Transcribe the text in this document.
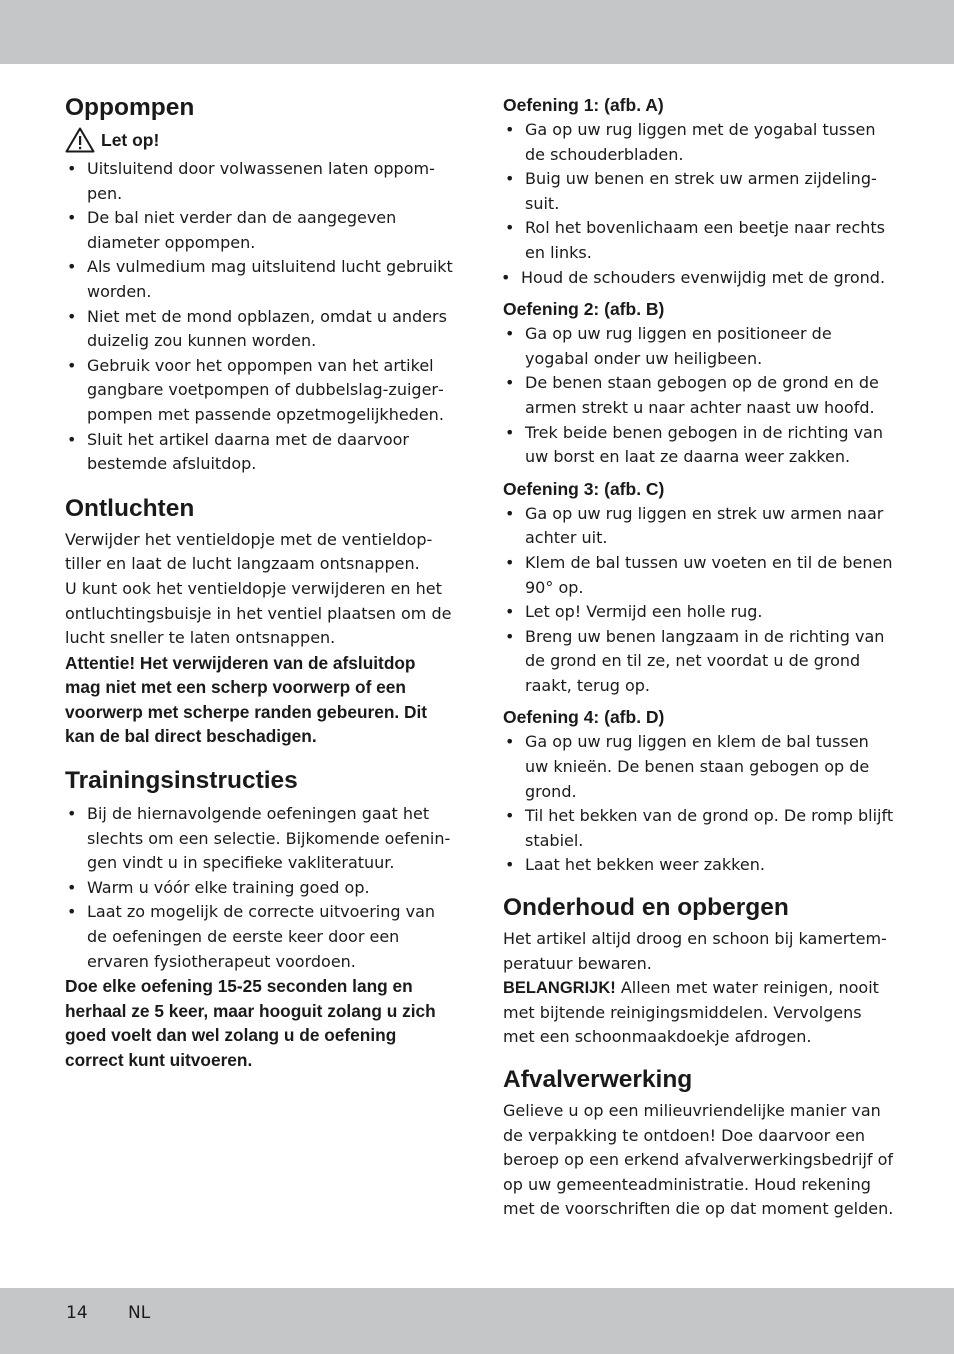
Oppompen
Let op!
• Uitsluitend door volwassenen laten oppompen.
• De bal niet verder dan de aangegeven diameter oppompen.
• Als vulmedium mag uitsluitend lucht gebruikt worden.
• Niet met de mond opblazen, omdat u anders duizelig zou kunnen worden.
• Gebruik voor het oppompen van het artikel gangbare voetpompen of dubbelslag-zuigerpompen met passende opzetmogelijkheden.
• Sluit het artikel daarna met de daarvoor bestemde afsluitdop.
Ontluchten

Verwijder het ventieldopje met de ventieldoptiller en laat de lucht langzaam ontsnappen.

U kunt ook het ventieldopje verwijderen en het ontluchtingsbuisje in het ventiel plaatsen om de lucht sneller te laten ontsnappen.

Attentie! Het verwijderen van de afsluitdop mag niet met een scherp voorwerp of een voorwerp met scherpe randen gebeuren. Dit kan de bal direct beschadigen.

Trainingsinstructies
• Bij de hiernavolgende oefeningen gaat het slechts om een selectie. Bijkomende oefeningen vindt u in specifieke vakliteratuur.
• Warm u vóór elke training goed op.
• Laat zo mogelijk de correcte uitvoering van de oefeningen de eerste keer door een ervaren fysiotherapeut voordoen.

Doe elke oefening 15-25 seconden lang en herhaal ze 5 keer, maar hooguit zolang u zich goed voelt dan wel zolang u de oefening correct kunt uitvoeren.

Oefening 1: (afb. A)
• Ga op uw rug liggen met de yogabal tussen de schouderbladen.
• Buig uw benen en strek uw armen zijdelingsuit.
• Rol het bovenlichaam een beetje naar rechts en links.
• Houd de schouders evenwijdig met de grond.
Oefening 2: (afb. B)
• Ga op uw rug liggen en positioneer de yogabal onder uw heiligbeen.
• De benen staan gebogen op de grond en de armen strekt u naar achter naast uw hoofd.
• Trek beide benen gebogen in de richting van uw borst en laat ze daarna weer zakken.
Oefening 3: (afb. C)
• Ga op uw rug liggen en strek uw armen naar achter uit.
• Klem de bal tussen uw voeten en til de benen 90° op.
• Let op! Vermijd een holle rug.
• Breng uw benen langzaam in de richting van de grond en til ze, net voordat u de grond raakt, terug op.
Oefening 4: (afb. D)
• Ga op uw rug liggen en klem de bal tussen uw knieën. De benen staan gebogen op de grond.
• Til het bekken van de grond op. De romp blijft stabiel.
• Laat het bekken weer zakken.
Onderhoud en opbergen

Het artikel altijd droog en schoon bij kamertemperatuur bewaren.

BELANGRIJK! Alleen met water reinigen, nooit met bijtende reinigingsmiddelen. Vervolgens met een schoonmaakdoekje afdrogen.

Afvalverwerking

Gelieve u op een milieuvriendelijke manier van de verpakking te ontdoen! Doe daarvoor een beroep op een erkend afvalverwerkingsbedrijf of op uw gemeenteadministratie. Houd rekening met de voorschriften die op dat moment gelden.

14 NL
